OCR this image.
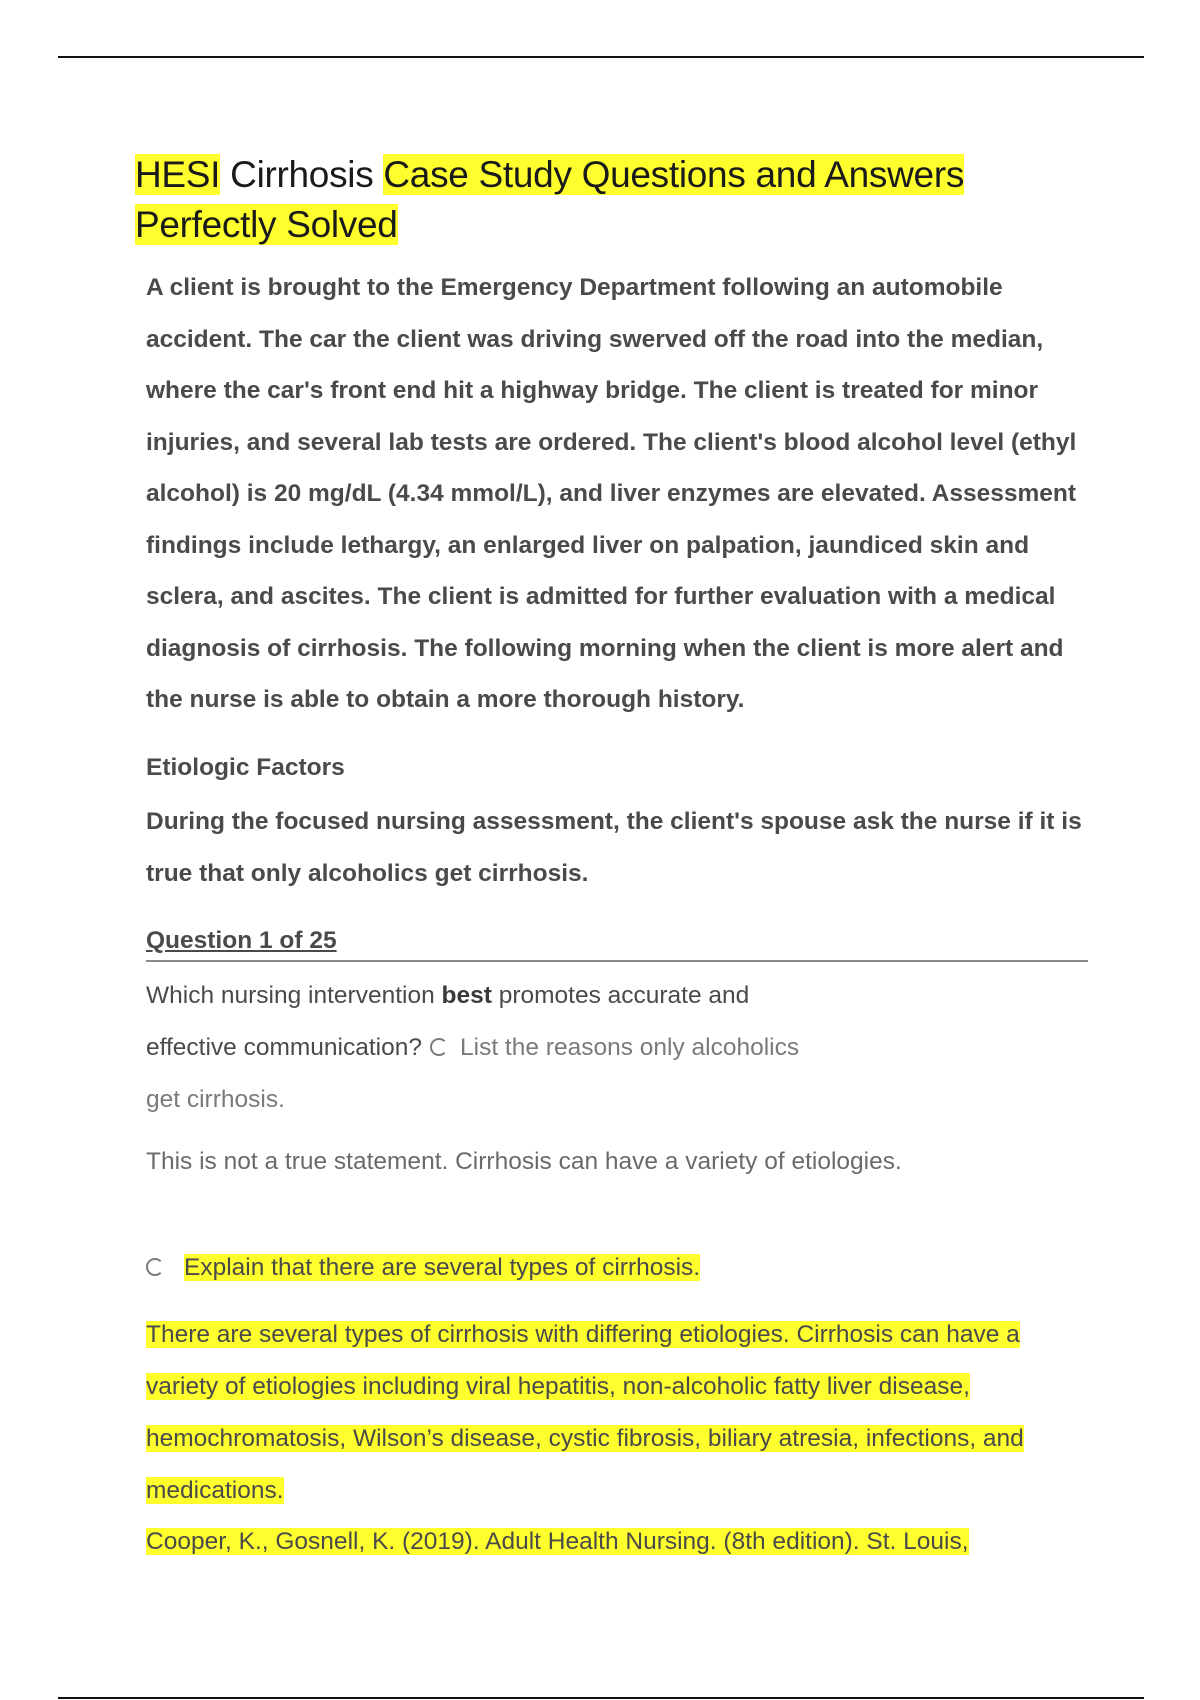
HESI Cirrhosis Case Study Questions and Answers Perfectly Solved

A client is brought to the Emergency Department following an automobile accident. The car the client was driving swerved off the road into the median, where the car's front end hit a highway bridge. The client is treated for minor injuries, and several lab tests are ordered. The client's blood alcohol level (ethyl alcohol) is 20 mg/dL (4.34 mmol/L), and liver enzymes are elevated. Assessment findings include lethargy, an enlarged liver on palpation, jaundiced skin and sclera, and ascites. The client is admitted for further evaluation with a medical diagnosis of cirrhosis. The following morning when the client is more alert and the nurse is able to obtain a more thorough history.

Etiologic Factors

During the focused nursing assessment, the client's spouse ask the nurse if it is true that only alcoholics get cirrhosis.

Question 1 of 25

Which nursing intervention best promotes accurate and effective communication? List the reasons only alcoholics get cirrhosis.

This is not a true statement. Cirrhosis can have a variety of etiologies.

Explain that there are several types of cirrhosis.

There are several types of cirrhosis with differing etiologies. Cirrhosis can have a variety of etiologies including viral hepatitis, non-alcoholic fatty liver disease, hemochromatosis, Wilson’s disease, cystic fibrosis, biliary atresia, infections, and medications.

Cooper, K., Gosnell, K. (2019). Adult Health Nursing. (8th edition). St. Louis,
